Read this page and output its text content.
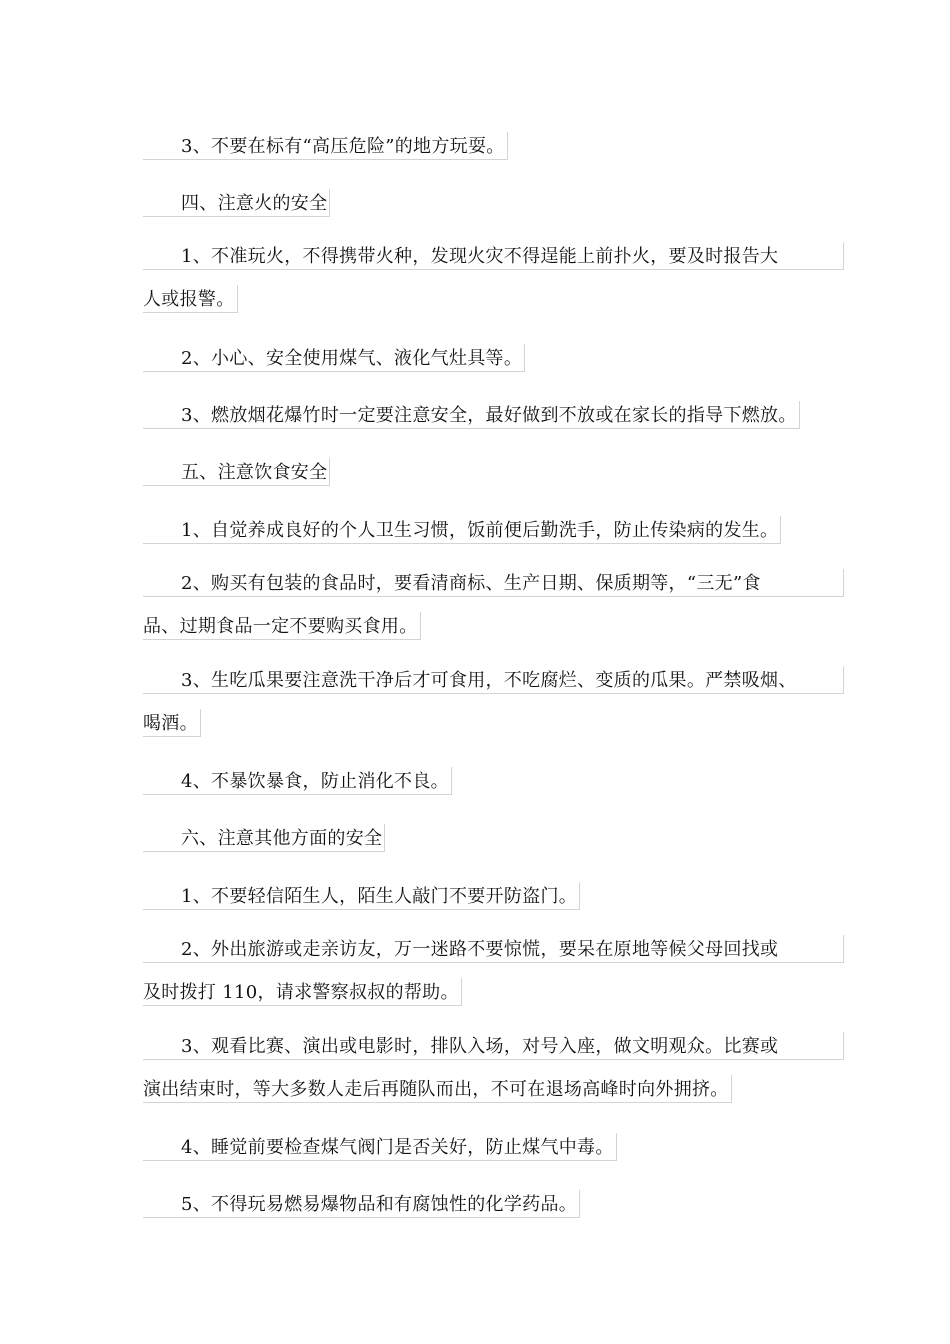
3、不要在标有“高压危险”的地方玩耍。
四、注意火的安全
1、不准玩火，不得携带火种，发现火灾不得逞能上前扑火，要及时报告大
人或报警。
2、小心、安全使用煤气、液化气灶具等。
3、燃放烟花爆竹时一定要注意安全，最好做到不放或在家长的指导下燃放。
五、注意饮食安全
1、自觉养成良好的个人卫生习惯，饭前便后勤洗手，防止传染病的发生。
2、购买有包装的食品时，要看清商标、生产日期、保质期等，“三无”食
品、过期食品一定不要购买食用。
3、生吃瓜果要注意洗干净后才可食用，不吃腐烂、变质的瓜果。严禁吸烟、
喝酒。
4、不暴饮暴食，防止消化不良。
六、注意其他方面的安全
1、不要轻信陌生人，陌生人敲门不要开防盗门。
2、外出旅游或走亲访友，万一迷路不要惊慌，要呆在原地等候父母回找或
及时拨打 110，请求警察叔叔的帮助。
3、观看比赛、演出或电影时，排队入场，对号入座，做文明观众。比赛或
演出结束时，等大多数人走后再随队而出，不可在退场高峰时向外拥挤。
4、睡觉前要检查煤气阀门是否关好，防止煤气中毒。
5、不得玩易燃易爆物品和有腐蚀性的化学药品。
